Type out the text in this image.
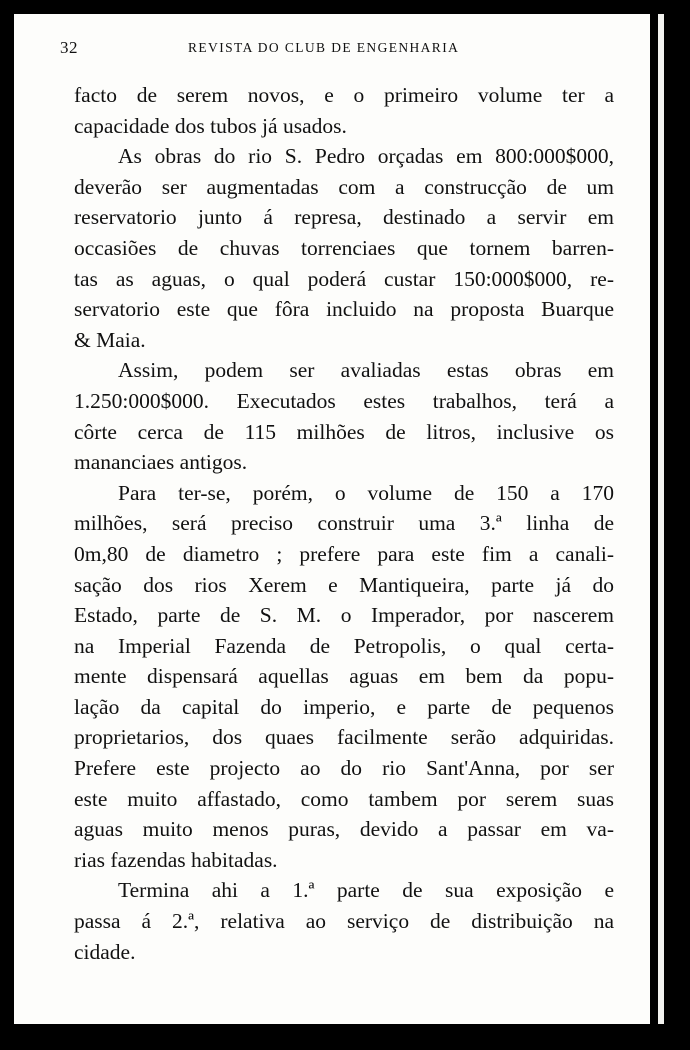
32	REVISTA DO CLUB DE ENGENHARIA
facto de serem novos, e o primeiro volume ter a
capacidade dos tubos já usados.
As obras do rio S. Pedro orçadas em 800:000$000,
deverão ser augmentadas com a construcção de um
reservatorio junto á represa, destinado a servir em
occasiões de chuvas torrenciaes que tornem barren-
tas as aguas, o qual poderá custar 150:000$000, re-
servatorio este que fôra incluido na proposta Buarque
& Maia.
Assim, podem ser avaliadas estas obras em
1.250:000$000. Executados estes trabalhos, terá a
côrte cerca de 115 milhões de litros, inclusive os
mananciaes antigos.
Para ter-se, porém, o volume de 150 a 170
milhões, será preciso construir uma 3.ª linha de
0m,80 de diametro ; prefere para este fim a canali-
sação dos rios Xerem e Mantiqueira, parte já do
Estado, parte de S. M. o Imperador, por nascerem
na Imperial Fazenda de Petropolis, o qual certa-
mente dispensará aquellas aguas em bem da popu-
lação da capital do imperio, e parte de pequenos
proprietarios, dos quaes facilmente serão adquiridas.
Prefere este projecto ao do rio Sant'Anna, por ser
este muito affastado, como tambem por serem suas
aguas muito menos puras, devido a passar em va-
rias fazendas habitadas.
Termina ahi a 1.ª parte de sua exposição e
passa á 2.ª, relativa ao serviço de distribuição na
cidade.
